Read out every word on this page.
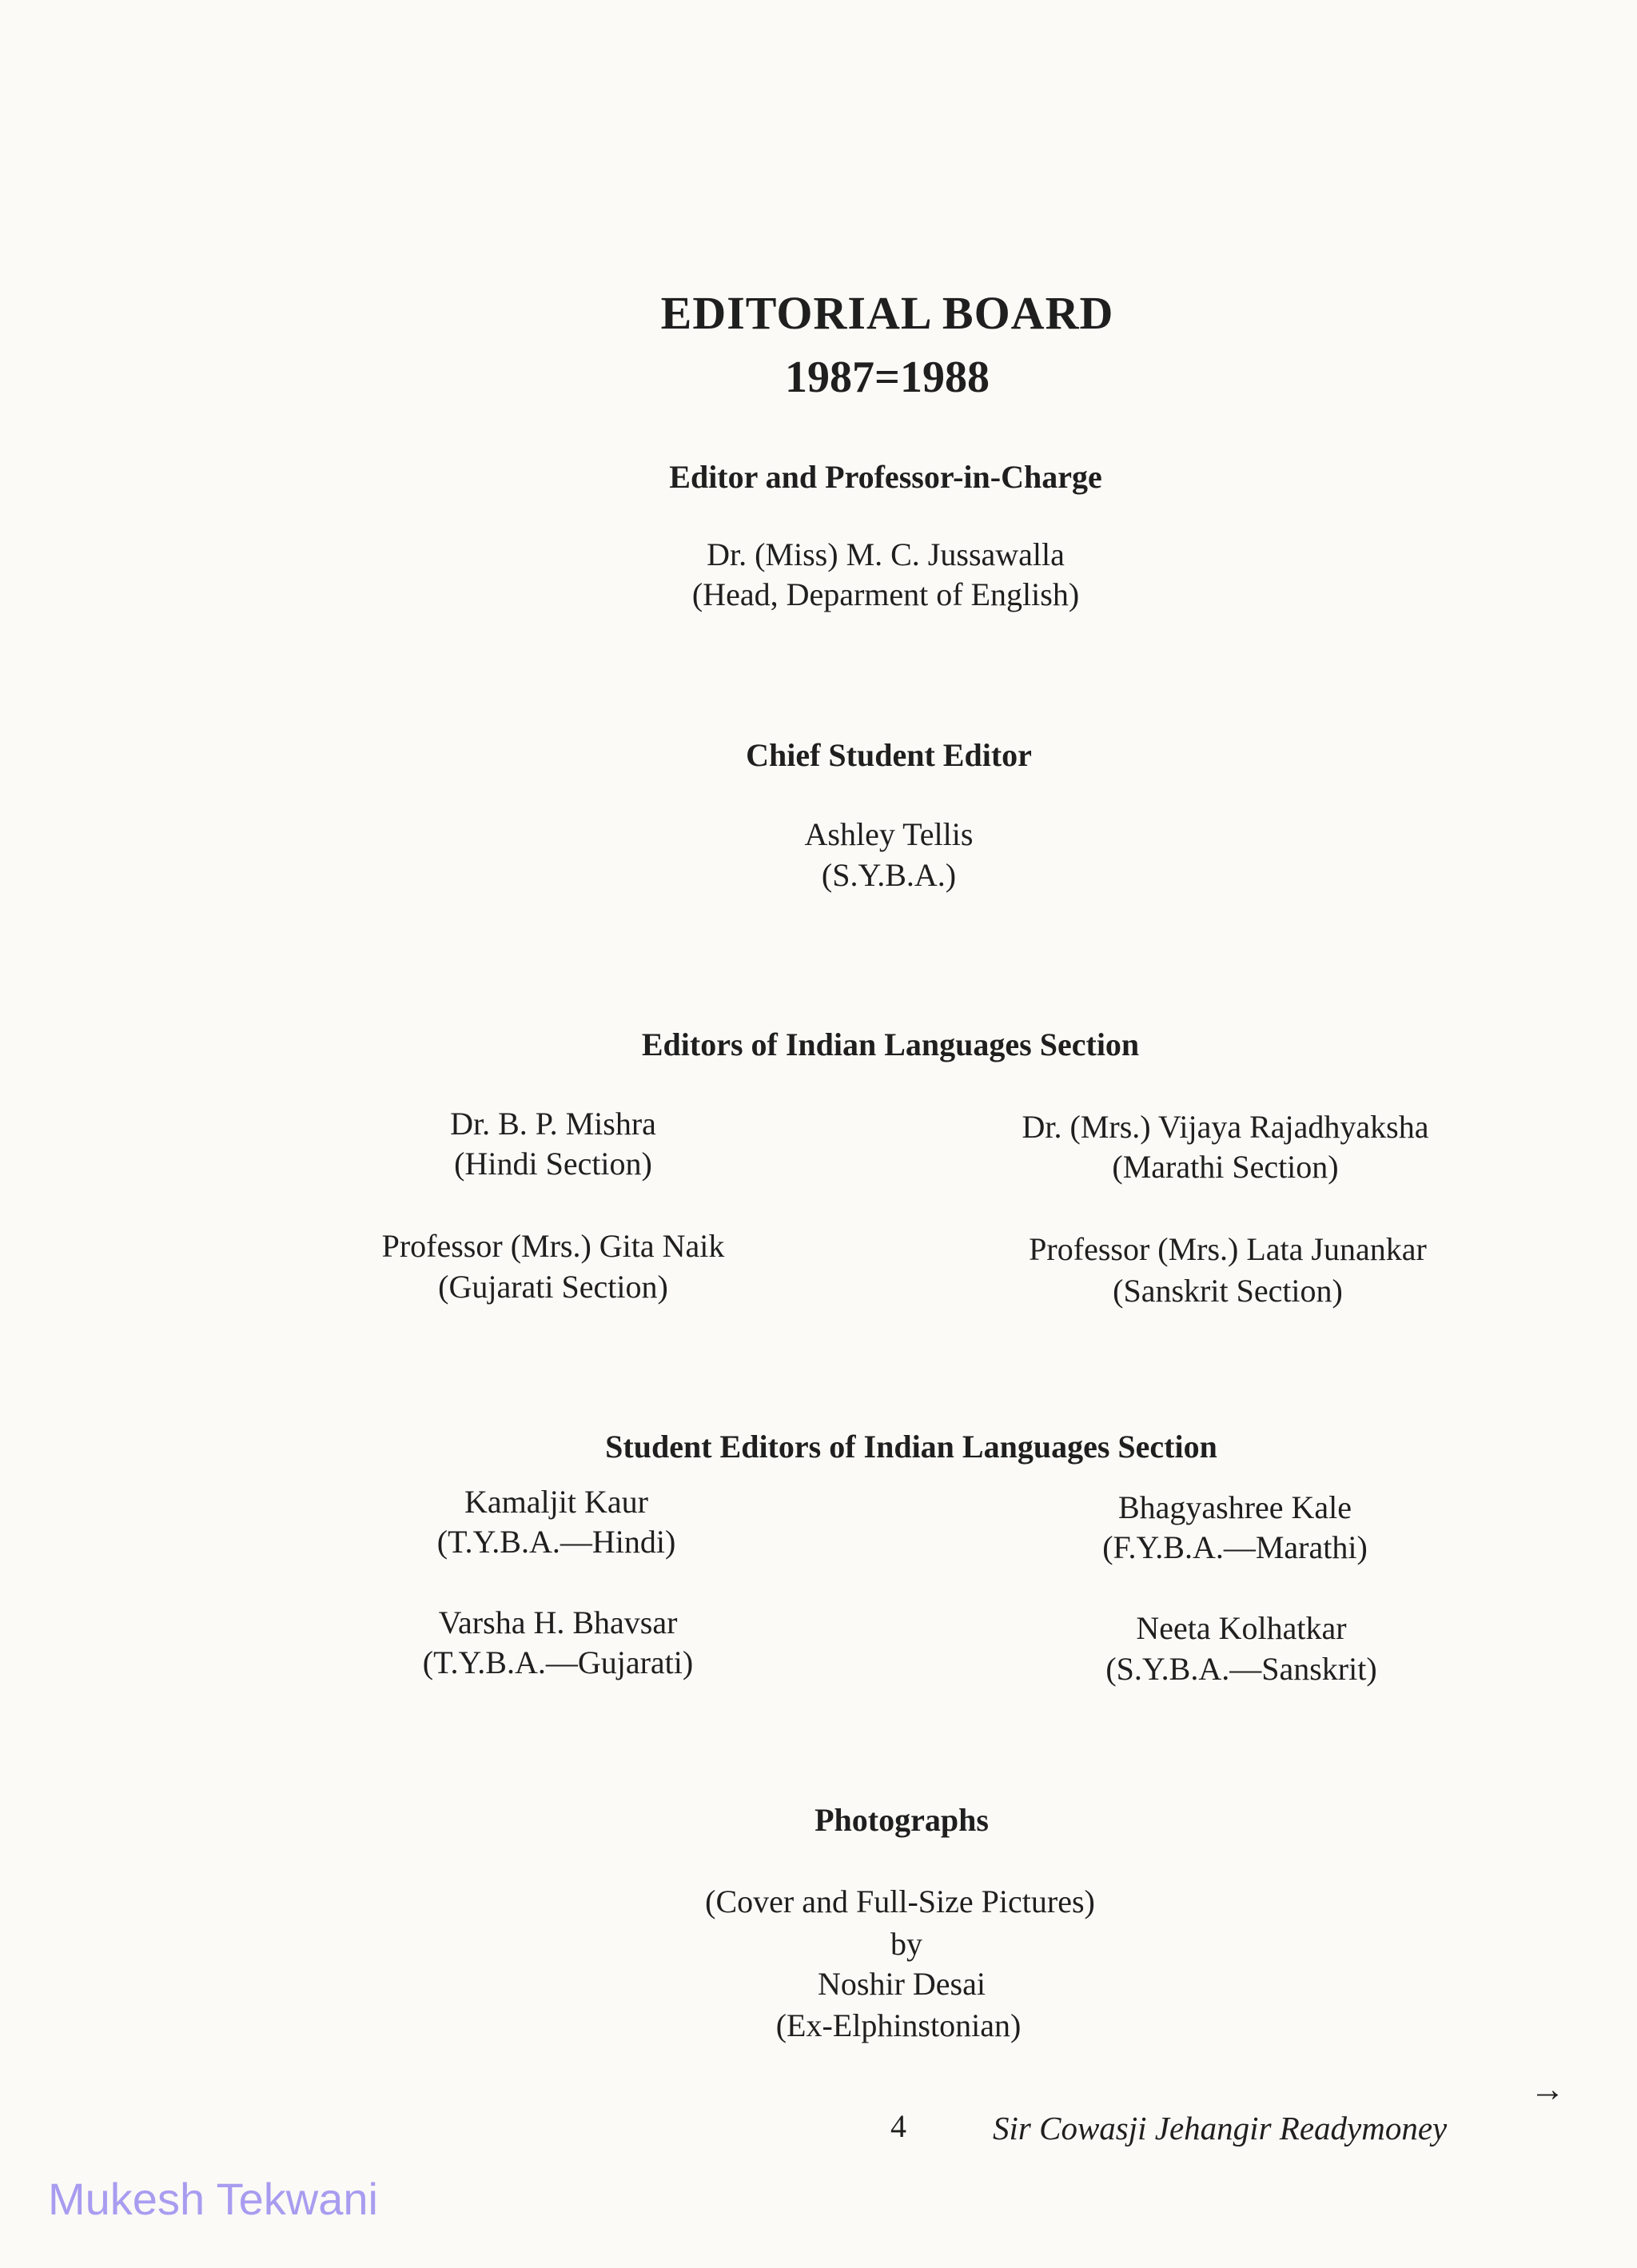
EDITORIAL BOARD
1987=1988
Editor and Professor-in-Charge
Dr. (Miss) M. C. Jussawalla
(Head, Deparment of English)
Chief Student Editor
Ashley Tellis
(S.Y.B.A.)
Editors of Indian Languages Section
Dr. B. P. Mishra
(Hindi Section)
Dr. (Mrs.) Vijaya Rajadhyaksha
(Marathi Section)
Professor (Mrs.) Gita Naik
(Gujarati Section)
Professor (Mrs.) Lata Junankar
(Sanskrit Section)
Student Editors of Indian Languages Section
Kamaljit Kaur
(T.Y.B.A.—Hindi)
Bhagyashree Kale
(F.Y.B.A.—Marathi)
Varsha H. Bhavsar
(T.Y.B.A.—Gujarati)
Neeta Kolhatkar
(S.Y.B.A.—Sanskrit)
Photographs
(Cover and Full-Size Pictures)
by
Noshir Desai
(Ex-Elphinstonian)
4	Sir Cowasji Jehangir Readymoney
→
Mukesh Tekwani
